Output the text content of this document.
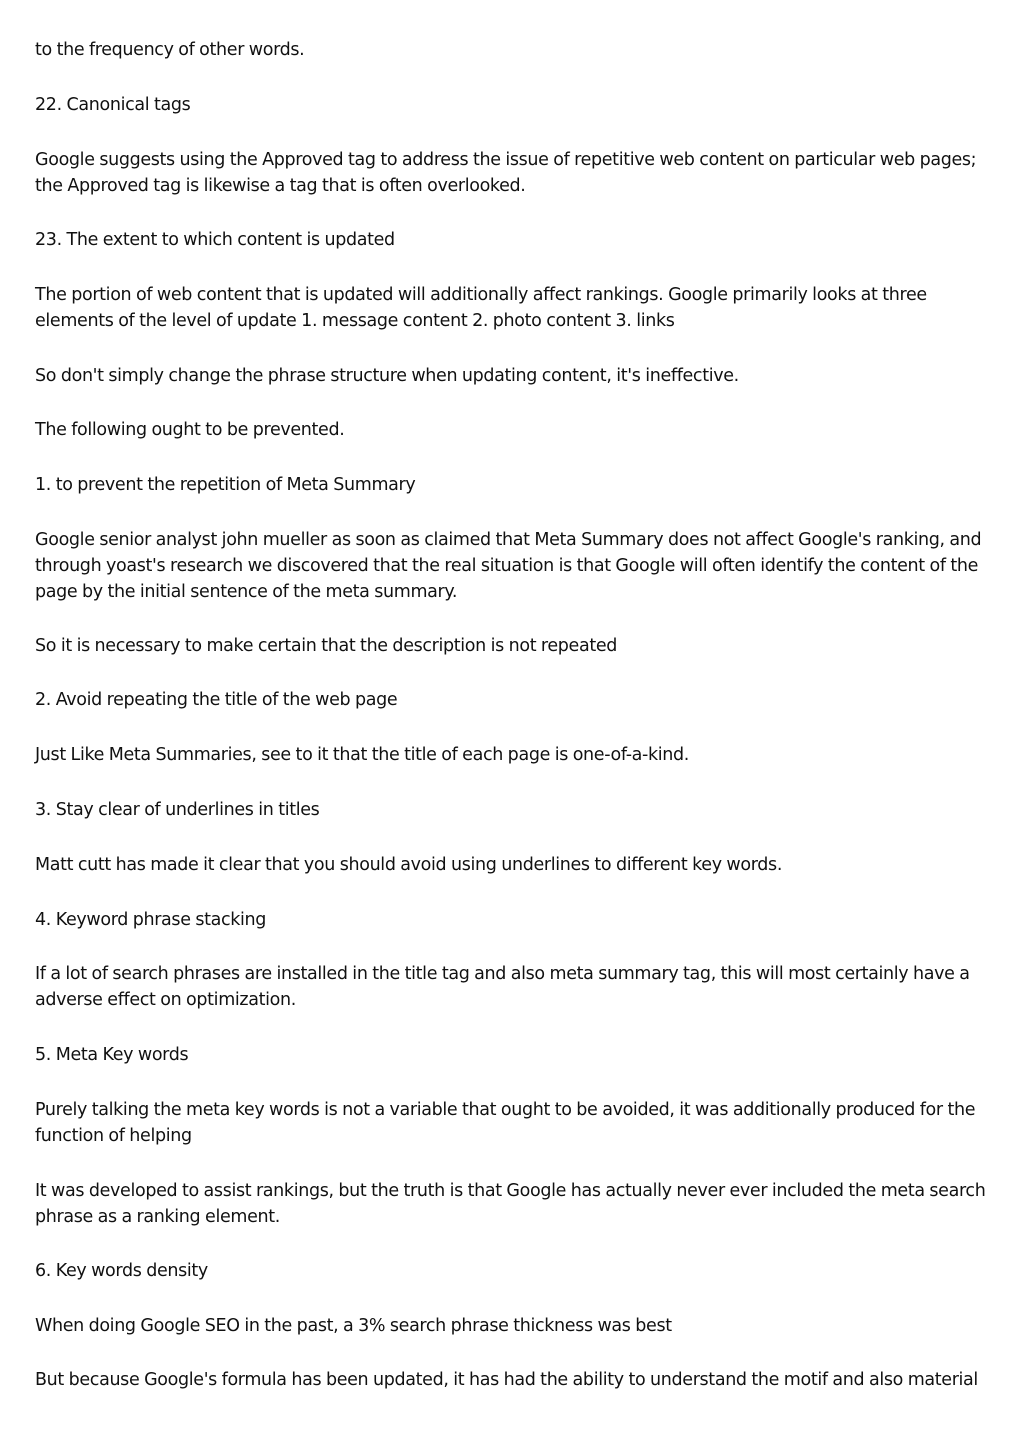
to the frequency of other words.

22. Canonical tags

Google suggests using the Approved tag to address the issue of repetitive web content on particular web pages; the Approved tag is likewise a tag that is often overlooked.

23. The extent to which content is updated

The portion of web content that is updated will additionally affect rankings. Google primarily looks at three elements of the level of update 1. message content 2. photo content 3. links

So don't simply change the phrase structure when updating content, it's ineffective.

The following ought to be prevented.

1. to prevent the repetition of Meta Summary

Google senior analyst john mueller as soon as claimed that Meta Summary does not affect Google's ranking, and through yoast's research we discovered that the real situation is that Google will often identify the content of the page by the initial sentence of the meta summary.

So it is necessary to make certain that the description is not repeated

2. Avoid repeating the title of the web page

Just Like Meta Summaries, see to it that the title of each page is one-of-a-kind.

3. Stay clear of underlines in titles

Matt cutt has made it clear that you should avoid using underlines to different key words.

4. Keyword phrase stacking

If a lot of search phrases are installed in the title tag and also meta summary tag, this will most certainly have a adverse effect on optimization.

5. Meta Key words

Purely talking the meta key words is not a variable that ought to be avoided, it was additionally produced for the function of helping

It was developed to assist rankings, but the truth is that Google has actually never ever included the meta search phrase as a ranking element.

6. Key words density

When doing Google SEO in the past, a 3% search phrase thickness was best

But because Google's formula has been updated, it has had the ability to understand the motif and also material
